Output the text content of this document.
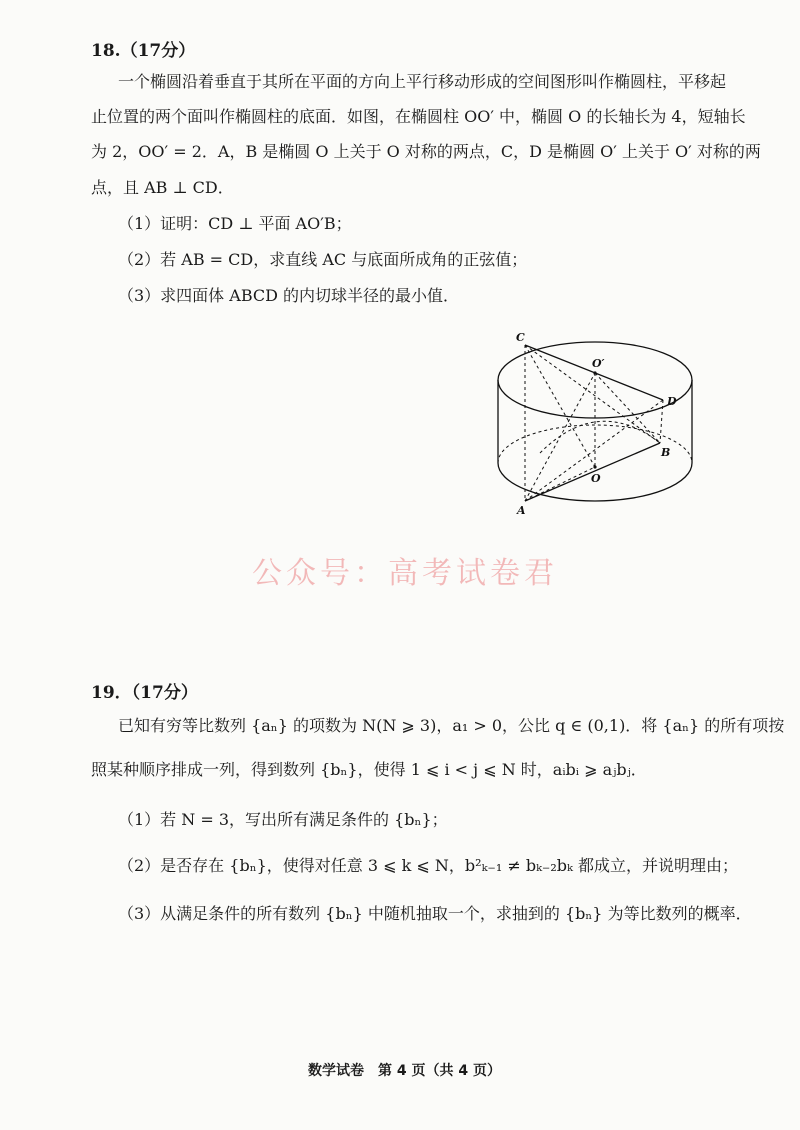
18.（17分）
一个椭圆沿着垂直于其所在平面的方向上平行移动形成的空间图形叫作椭圆柱，平移起
止位置的两个面叫作椭圆柱的底面．如图，在椭圆柱 OO′ 中，椭圆 O 的长轴长为 4，短轴长
为 2，OO′ = 2．A，B 是椭圆 O 上关于 O 对称的两点，C，D 是椭圆 O′ 上关于 O′ 对称的两
点，且 AB ⊥ CD．
（1）证明：CD ⊥ 平面 AO′B；
（2）若 AB = CD，求直线 AC 与底面所成角的正弦值；
（3）求四面体 ABCD 的内切球半径的最小值．
C
O′
D
B
O
A
公众号：高考试卷君
19．（17分）
已知有穷等比数列 {aₙ} 的项数为 N(N ⩾ 3)，a₁ > 0，公比 q ∈ (0,1)．将 {aₙ} 的所有项按
照某种顺序排成一列，得到数列 {bₙ}，使得 1 ⩽ i < j ⩽ N 时，aᵢbᵢ ⩾ aⱼbⱼ．
（1）若 N = 3，写出所有满足条件的 {bₙ}；
（2）是否存在 {bₙ}，使得对任意 3 ⩽ k ⩽ N，b²ₖ₋₁ ≠ bₖ₋₂bₖ 都成立，并说明理由；
（3）从满足条件的所有数列 {bₙ} 中随机抽取一个，求抽到的 {bₙ} 为等比数列的概率．
数学试卷　第 4 页（共 4 页）
